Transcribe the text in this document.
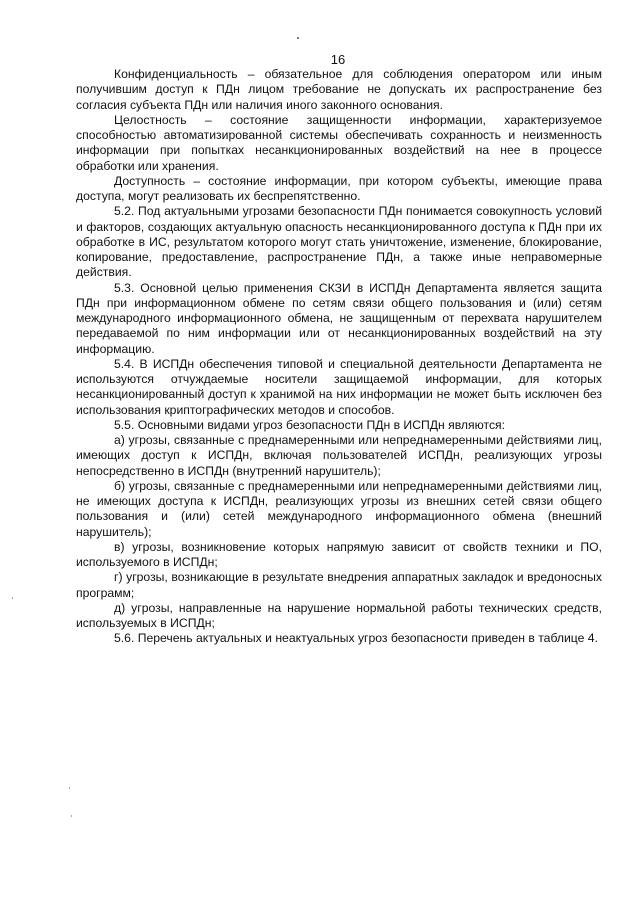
16

Конфиденциальность – обязательное для соблюдения оператором или иным получившим доступ к ПДн лицом требование не допускать их распространение без согласия субъекта ПДн или наличия иного законного основания.

Целостность – состояние защищенности информации, характеризуемое способностью автоматизированной системы обеспечивать сохранность и неизменность информации при попытках несанкционированных воздействий на нее в процессе обработки или хранения.

Доступность – состояние информации, при котором субъекты, имеющие права доступа, могут реализовать их беспрепятственно.

5.2. Под актуальными угрозами безопасности ПДн понимается совокупность условий и факторов, создающих актуальную опасность несанкционированного доступа к ПДн при их обработке в ИС, результатом которого могут стать уничтожение, изменение, блокирование, копирование, предоставление, распространение ПДн, а также иные неправомерные действия.

5.3. Основной целью применения СКЗИ в ИСПДн Департамента является защита ПДн при информационном обмене по сетям связи общего пользования и (или) сетям международного информационного обмена, не защищенным от перехвата нарушителем передаваемой по ним информации или от несанкционированных воздействий на эту информацию.

5.4. В ИСПДн обеспечения типовой и специальной деятельности Департамента не используются отчуждаемые носители защищаемой информации, для которых несанкционированный доступ к хранимой на них информации не может быть исключен без использования криптографических методов и способов.

5.5. Основными видами угроз безопасности ПДн в ИСПДн являются:

а) угрозы, связанные с преднамеренными или непреднамеренными действиями лиц, имеющих доступ к ИСПДн, включая пользователей ИСПДн, реализующих угрозы непосредственно в ИСПДн (внутренний нарушитель);

б) угрозы, связанные с преднамеренными или непреднамеренными действиями лиц, не имеющих доступа к ИСПДн, реализующих угрозы из внешних сетей связи общего пользования и (или) сетей международного информационного обмена (внешний нарушитель);

в) угрозы, возникновение которых напрямую зависит от свойств техники и ПО, используемого в ИСПДн;

г) угрозы, возникающие в результате внедрения аппаратных закладок и вредоносных программ;

д) угрозы, направленные на нарушение нормальной работы технических средств, используемых в ИСПДн;

5.6. Перечень актуальных и неактуальных угроз безопасности приведен в таблице 4.
